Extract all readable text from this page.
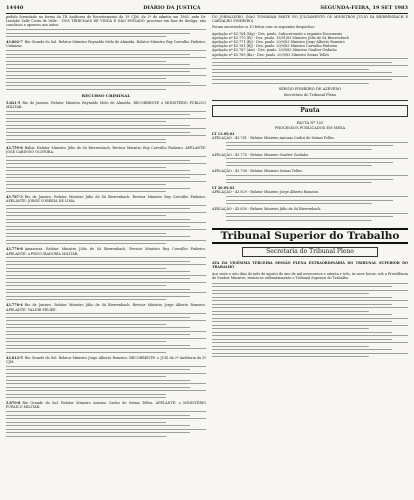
14440	DIÁRIO DA JUSTIÇA	SEGUNDA-FEIRA, 19 SET 1983
pedido formulado na forma da TR Auditoria de Recrutamento de 19 CJM, da 2ª de admitir em 1983, ante Dr. Lindabe Valle Costa de Valle. - DOS TRIBUNAIS DE VINDA E NÃO ENVIADO. processo em fase de desliga, não conclusos e apensos aos autos.
43.802-7 Rio Grande do Sul. Relator Ministro Reynaldo Melo de Almeida. Relator Ministro Ruy Carvalho Pinheiro. Unânime.
RECURSO CRIMINAL
5.821-5 Rio de Janeiro. Relator Ministro Reynaldo Melo de Almeida. RECORRENTE o MINISTÉRIO PÚBLICO MILITAR.
43.759-8 Bahia. Relator Ministro Júlio de Sá Bierrenbach. Revisor Ministro Ruy Carvalho Pinheiro. APELANTE: JOSÉ CARDOSO OLIVEIRA.
43.787-3 Rio de Janeiro. Relator Ministro Júlio de Sá Bierrenbach. Revisor Ministro Ruy Carvalho Pinheiro. APELANTE: JORGE CORREIA DE LIMA.
43.776-8 Amazonas. Relator Ministro Júlio de Sá Bierrenbach. Revisor Ministro Ruy Carvalho Pinheiro. APELANTE: a PROCURADORIA MILITAR.
43.778-4 Rio de Janeiro. Relator Ministro Júlio de Sá Bierrenbach. Revisor Ministro Jorge Alberto Romeiro. APELANTE: VALDIR FELIPE.
43.812-5 Rio Grande do Sul. Relator Ministro Jorge Alberto Romeiro. RECORRENTE: o JUIZ da 2ª Auditoria da 3ª CJM.
5.870-8 Rio Grande do Sul. Relator Ministro Antonio Carlos de Seixas Telles. APELANTE: o MINISTÉRIO PÚBLICO MILITAR.
DO JORNALEIRO. (NÃO TOMARAM PARTE NO JULGAMENTO OS MINISTROS JÚLIO SÁ BIERRENBACH E CARVALHO PINHEIRO).
Foram encerrados os 10 feitos com os seguintes despachos:
Apelação nº 43.764 (Mg) - Des. paulo. Subscrevendo o seguinte Documento
Apelação nº 43.770 (Pi) - Des. paulo. 13/81/83 Ministro Júlio de Sá Bierrenbach
Apelação nº 43.771 (Rj) - Des. paulo. 20/9/83 Ministro Jorge Alberto Romeiro
Apelação nº 43.761 (Rj) - Des. paulo. 20/9/83 Ministro Carvalho Pinheiro
Apelação nº 43.787 (Am) - Des. paulo. 20/9/83 Ministro Gualter Godinho
Apelação nº 43.789 (Ba) - Des. paulo. 20/9/83 Ministro Seixas Telles
SÉRGIO PINHEIRO DE AZEVEDO
Secretário do Tribunal Pleno
Pauta
PAUTA Nº 155
PROCESSOS PUBLICADOS EM MESA
LT 13.09.83
APELAÇÃO - 43.761 - Relator Ministro Antonio Carlos de Seixas Telles.
APELAÇÃO - 43.775 - Relator Ministro Gualter Godinho.
APELAÇÃO - 43.798 - Relator Ministro Seixas Telles.
LT 20.09.83
APELAÇÃO - 43.829 - Relator Ministro Jorge Alberto Romeiro.
APELAÇÃO - 43.830 - Relator Ministro Júlio de Sá Bierrenbach.
Tribunal Superior do Trabalho
Secretaria do Tribunal Pleno
ATA DA VIGÉSIMA TERCEIRA SESSÃO PLENA EXTRAORDINÁRIA DO TRIBUNAL SUPERIOR DO TRABALHO
Aos vinte e oito dias do mês de agosto do ano de mil novecentos e oitenta e três, às nove horas, sob a Presidência do Senhor Ministro, reuniu-se ordinariamente o Tribunal Superior do Trabalho.
